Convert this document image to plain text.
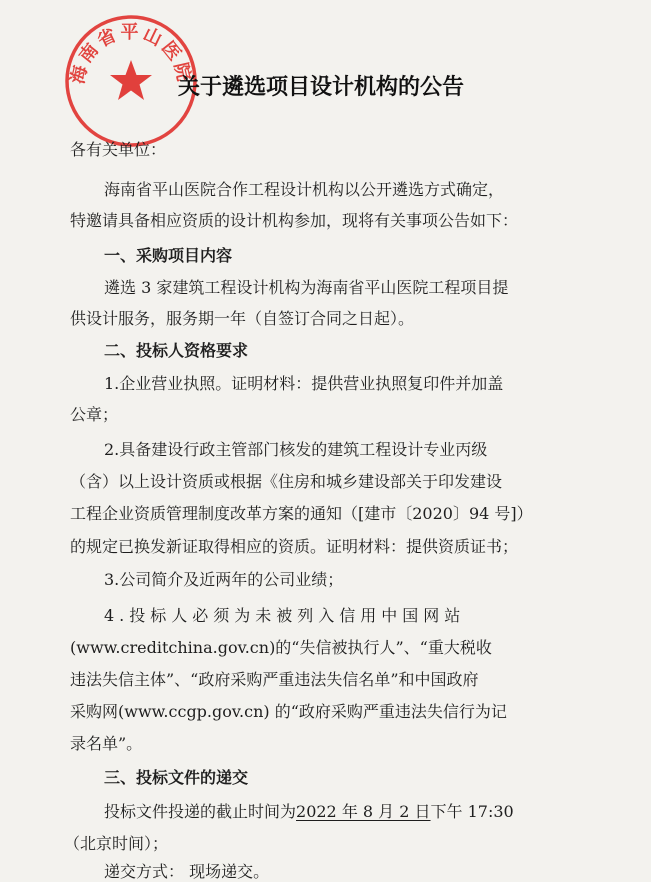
海南省平山医院
关于遴选项目设计机构的公告
各有关单位：
海南省平山医院合作工程设计机构以公开遴选方式确定，
特邀请具备相应资质的设计机构参加，现将有关事项公告如下：
一、采购项目内容
遴选 3 家建筑工程设计机构为海南省平山医院工程项目提
供设计服务，服务期一年（自签订合同之日起）。
二、投标人资格要求
1.企业营业执照。证明材料：提供营业执照复印件并加盖
公章；
2.具备建设行政主管部门核发的建筑工程设计专业丙级
（含）以上设计资质或根据《住房和城乡建设部关于印发建设
工程企业资质管理制度改革方案的通知（[建市〔2020〕94 号]）
的规定已换发新证取得相应的资质。证明材料：提供资质证书；
3.公司简介及近两年的公司业绩；
4.投标人必须为未被列入信用中国网站
(www.creditchina.gov.cn)的“失信被执行人”、“重大税收
违法失信主体”、“政府采购严重违法失信名单”和中国政府
采购网(www.ccgp.gov.cn) 的“政府采购严重违法失信行为记
录名单”。
三、投标文件的递交
投标文件投递的截止时间为2022 年 8 月 2 日下午 17:30
（北京时间）；
递交方式： 现场递交。
